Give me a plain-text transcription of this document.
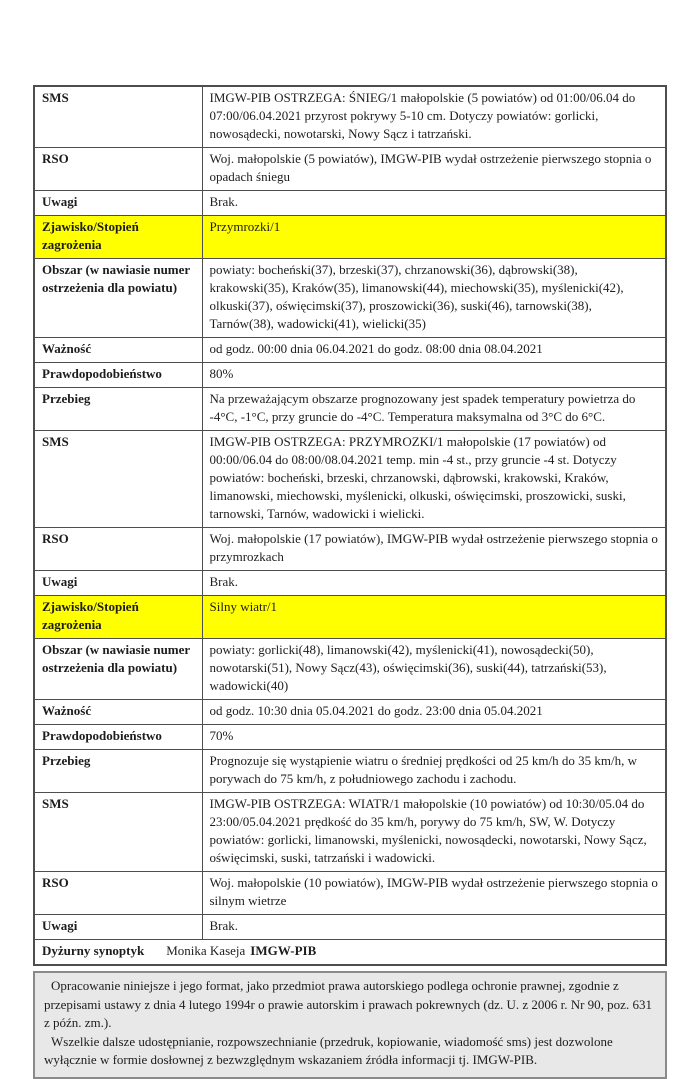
SMS	IMGW-PIB OSTRZEGA: ŚNIEG/1 małopolskie (5 powiatów) od 01:00/06.04 do 07:00/06.04.2021 przyrost pokrywy 5-10 cm. Dotyczy powiatów: gorlicki, nowosądecki, nowotarski, Nowy Sącz i tatrzański.
RSO	Woj. małopolskie (5 powiatów), IMGW-PIB wydał ostrzeżenie pierwszego stopnia o opadach śniegu
Uwagi	Brak.
Zjawisko/Stopień zagrożenia	Przymrozki/1
Obszar (w nawiasie numer ostrzeżenia dla powiatu)	powiaty: bocheński(37), brzeski(37), chrzanowski(36), dąbrowski(38), krakowski(35), Kraków(35), limanowski(44), miechowski(35), myślenicki(42), olkuski(37), oświęcimski(37), proszowicki(36), suski(46), tarnowski(38), Tarnów(38), wadowicki(41), wielicki(35)
Ważność	od godz. 00:00 dnia 06.04.2021 do godz. 08:00 dnia 08.04.2021
Prawdopodobieństwo	80%
Przebieg	Na przeważającym obszarze prognozowany jest spadek temperatury powietrza do -4°C, -1°C, przy gruncie do -4°C. Temperatura maksymalna od 3°C do 6°C.
SMS	IMGW-PIB OSTRZEGA: PRZYMROZKI/1 małopolskie (17 powiatów) od 00:00/06.04 do 08:00/08.04.2021 temp. min -4 st., przy gruncie -4 st. Dotyczy powiatów: bocheński, brzeski, chrzanowski, dąbrowski, krakowski, Kraków, limanowski, miechowski, myślenicki, olkuski, oświęcimski, proszowicki, suski, tarnowski, Tarnów, wadowicki i wielicki.
RSO	Woj. małopolskie (17 powiatów), IMGW-PIB wydał ostrzeżenie pierwszego stopnia o przymrozkach
Uwagi	Brak.
Zjawisko/Stopień zagrożenia	Silny wiatr/1
Obszar (w nawiasie numer ostrzeżenia dla powiatu)	powiaty: gorlicki(48), limanowski(42), myślenicki(41), nowosądecki(50), nowotarski(51), Nowy Sącz(43), oświęcimski(36), suski(44), tatrzański(53), wadowicki(40)
Ważność	od godz. 10:30 dnia 05.04.2021 do godz. 23:00 dnia 05.04.2021
Prawdopodobieństwo	70%
Przebieg	Prognozuje się wystąpienie wiatru o średniej prędkości od 25 km/h do 35 km/h, w porywach do 75 km/h, z południowego zachodu i zachodu.
SMS	IMGW-PIB OSTRZEGA: WIATR/1 małopolskie (10 powiatów) od 10:30/05.04 do 23:00/05.04.2021 prędkość do 35 km/h, porywy do 75 km/h, SW, W. Dotyczy powiatów: gorlicki, limanowski, myślenicki, nowosądecki, nowotarski, Nowy Sącz, oświęcimski, suski, tatrzański i wadowicki.
RSO	Woj. małopolskie (10 powiatów), IMGW-PIB wydał ostrzeżenie pierwszego stopnia o silnym wietrze
Uwagi	Brak.
Dyżurny synoptyk Monika Kaseja IMGW-PIB	

Opracowanie niniejsze i jego format, jako przedmiot prawa autorskiego podlega ochronie prawnej, zgodnie z przepisami ustawy z dnia 4 lutego 1994r o prawie autorskim i prawach pokrewnych (dz. U. z 2006 r. Nr 90, poz. 631 z późn. zm.).

Wszelkie dalsze udostępnianie, rozpowszechnianie (przedruk, kopiowanie, wiadomość sms) jest dozwolone wyłącznie w formie dosłownej z bezwzględnym wskazaniem źródła informacji tj. IMGW-PIB.
